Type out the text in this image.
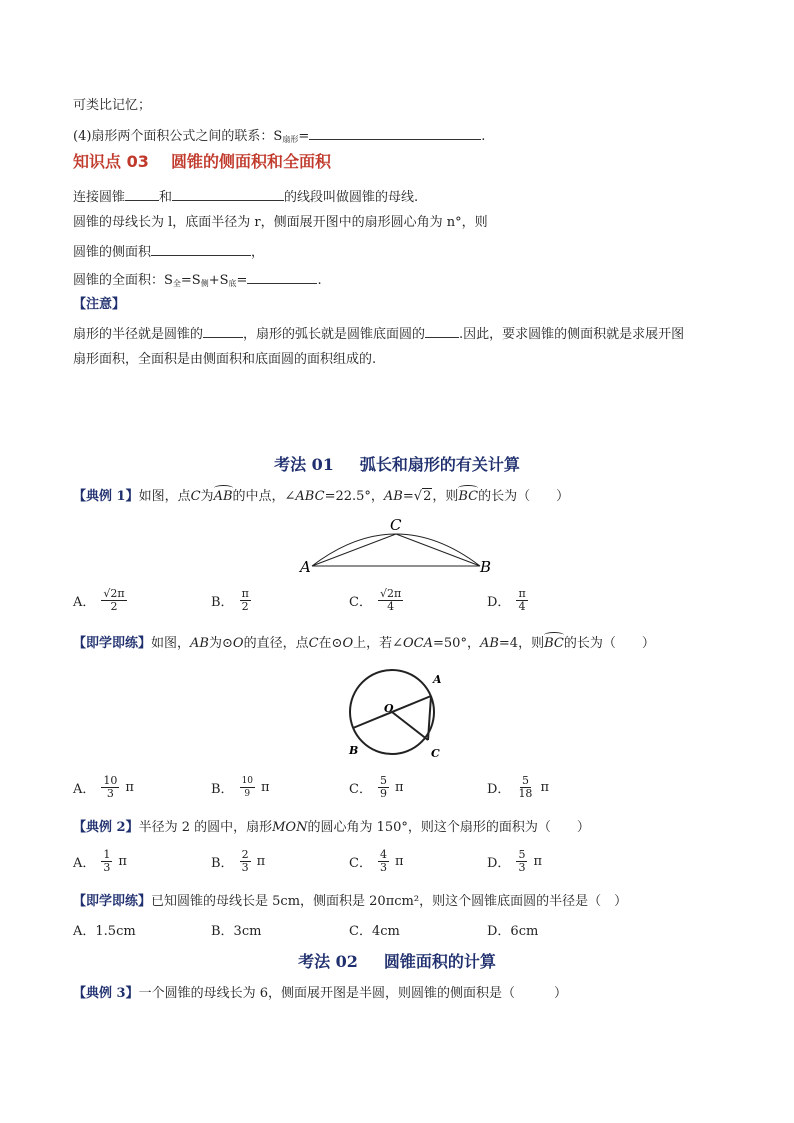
可类比记忆；
(4)扇形两个面积公式之间的联系：$S_{扇形}=$	.
知识点 03 圆锥的侧面积和全面积
连接圆锥	和	的线段叫做圆锥的母线.
圆锥的母线长为 l，底面半径为 r，侧面展开图中的扇形圆心角为 n°，则
圆锥的侧面积	，
圆锥的全面积：$S_全=S_侧+S_底=$	.
【注意】
扇形的半径就是圆锥的	，扇形的弧长就是圆锥底面圆的	.因此，要求圆锥的侧面积就是求展开图
扇形面积，全面积是由侧面积和底面圆的面积组成的.
考法 01 弧长和扇形的有关计算
【典例 1】如图，点C为AB的中点，∠ABC=22.5°，AB=√2，则BC的长为（　　）
C
A	B
A． $\frac{√2\pi}{2}$	B． $\frac{\pi}{2}$	C． $\frac{√2\pi}{4}$	D． $\frac{\pi}{4}$
【即学即练】如图，AB为⊙O的直径，点C在⊙O上，若∠OCA=50°，AB=4，则BC的长为（　　）
O
A
B	C
A． $\frac{10}{3}$ π	B． $\frac{10}{9}$ π	C． $\frac{5}{9}$ π	D． $\frac{5}{18}$ π
【典例 2】半径为 2 的圆中，扇形MON的圆心角为 150°，则这个扇形的面积为（　　）
A． $\frac{1}{3}$ π	B． $\frac{2}{3}$ π	C． $\frac{4}{3}$ π	D． $\frac{5}{3}$ π
【即学即练】已知圆锥的母线长是 5cm，侧面积是 20πcm²，则这个圆锥底面圆的半径是（　）
A．1.5cm	B．3cm	C．4cm	D．6cm
考法 02 圆锥面积的计算
【典例 3】一个圆锥的母线长为 6，侧面展开图是半圆，则圆锥的侧面积是（　　　）
